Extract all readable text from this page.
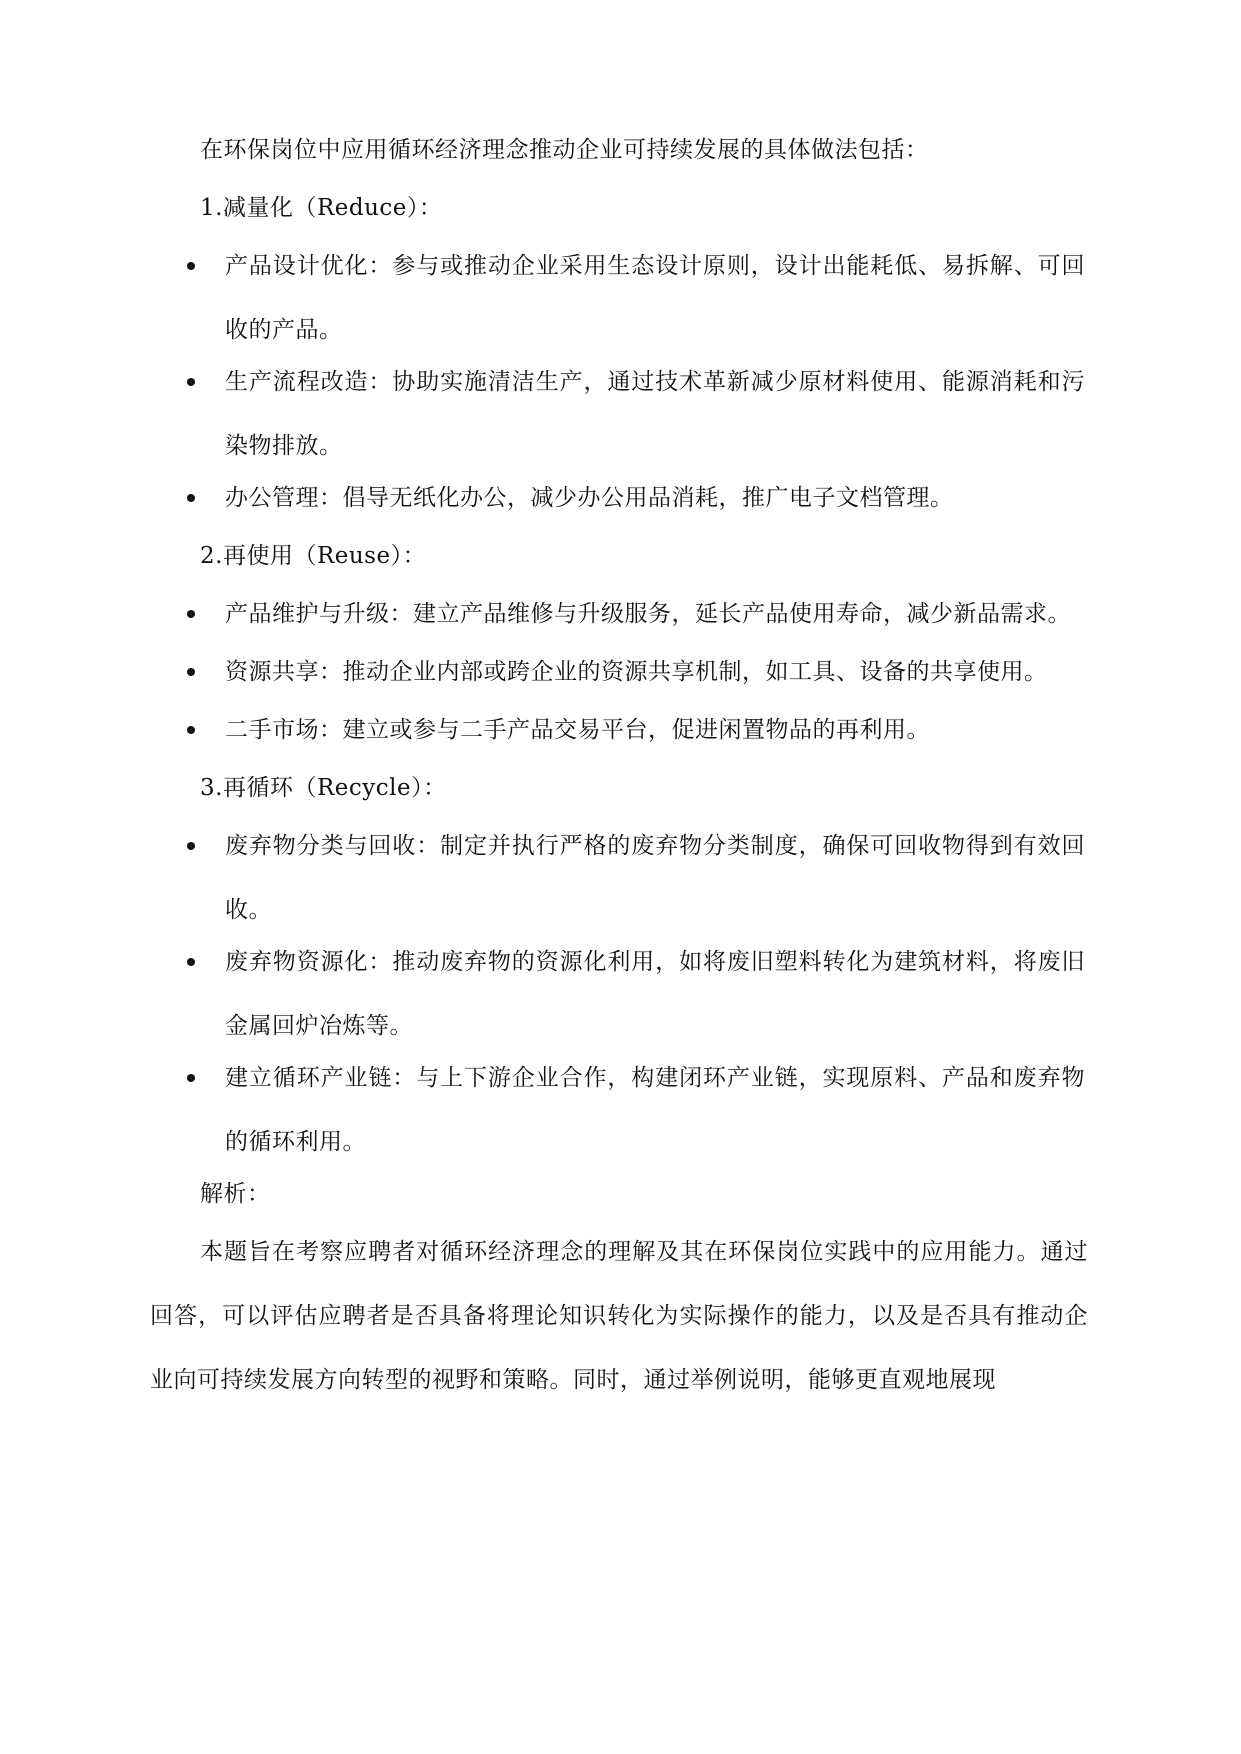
在环保岗位中应用循环经济理念推动企业可持续发展的具体做法包括：
1.减量化（Reduce）：
产品设计优化：参与或推动企业采用生态设计原则，设计出能耗低、易拆解、可回收的产品。
生产流程改造：协助实施清洁生产，通过技术革新减少原材料使用、能源消耗和污染物排放。
办公管理：倡导无纸化办公，减少办公用品消耗，推广电子文档管理。
2.再使用（Reuse）：
产品维护与升级：建立产品维修与升级服务，延长产品使用寿命，减少新品需求。
资源共享：推动企业内部或跨企业的资源共享机制，如工具、设备的共享使用。
二手市场：建立或参与二手产品交易平台，促进闲置物品的再利用。
3.再循环（Recycle）：
废弃物分类与回收：制定并执行严格的废弃物分类制度，确保可回收物得到有效回收。
废弃物资源化：推动废弃物的资源化利用，如将废旧塑料转化为建筑材料，将废旧金属回炉冶炼等。
建立循环产业链：与上下游企业合作，构建闭环产业链，实现原料、产品和废弃物的循环利用。
解析：
本题旨在考察应聘者对循环经济理念的理解及其在环保岗位实践中的应用能力。通过回答，可以评估应聘者是否具备将理论知识转化为实际操作的能力，以及是否具有推动企业向可持续发展方向转型的视野和策略。同时，通过举例说明，能够更直观地展现
